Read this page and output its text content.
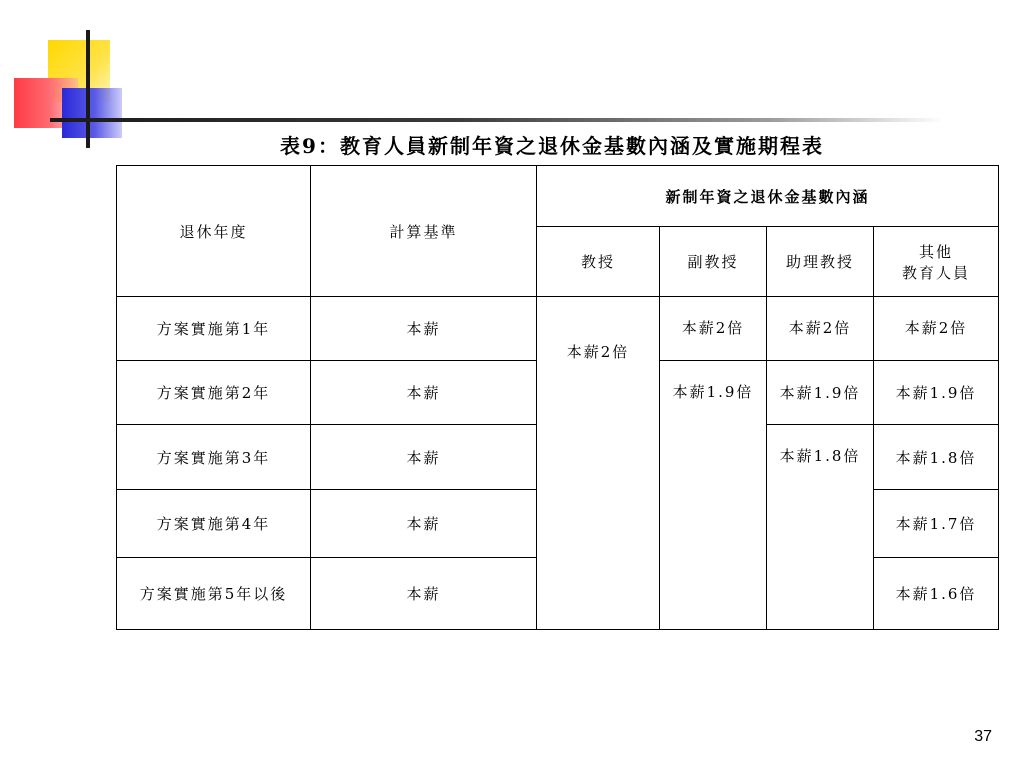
表9：教育人員新制年資之退休金基數內涵及實施期程表
退休年度	計算基準	新制年資之退休金基數內涵			
		教授	副教授	助理教授	其他
教育人員
方案實施第1年	本薪	本薪2倍	本薪2倍	本薪2倍	本薪2倍
方案實施第2年	本薪		本薪1.9倍	本薪1.9倍	本薪1.9倍
方案實施第3年	本薪			本薪1.8倍	本薪1.8倍
方案實施第4年	本薪				本薪1.7倍
方案實施第5年以後	本薪				本薪1.6倍
37
